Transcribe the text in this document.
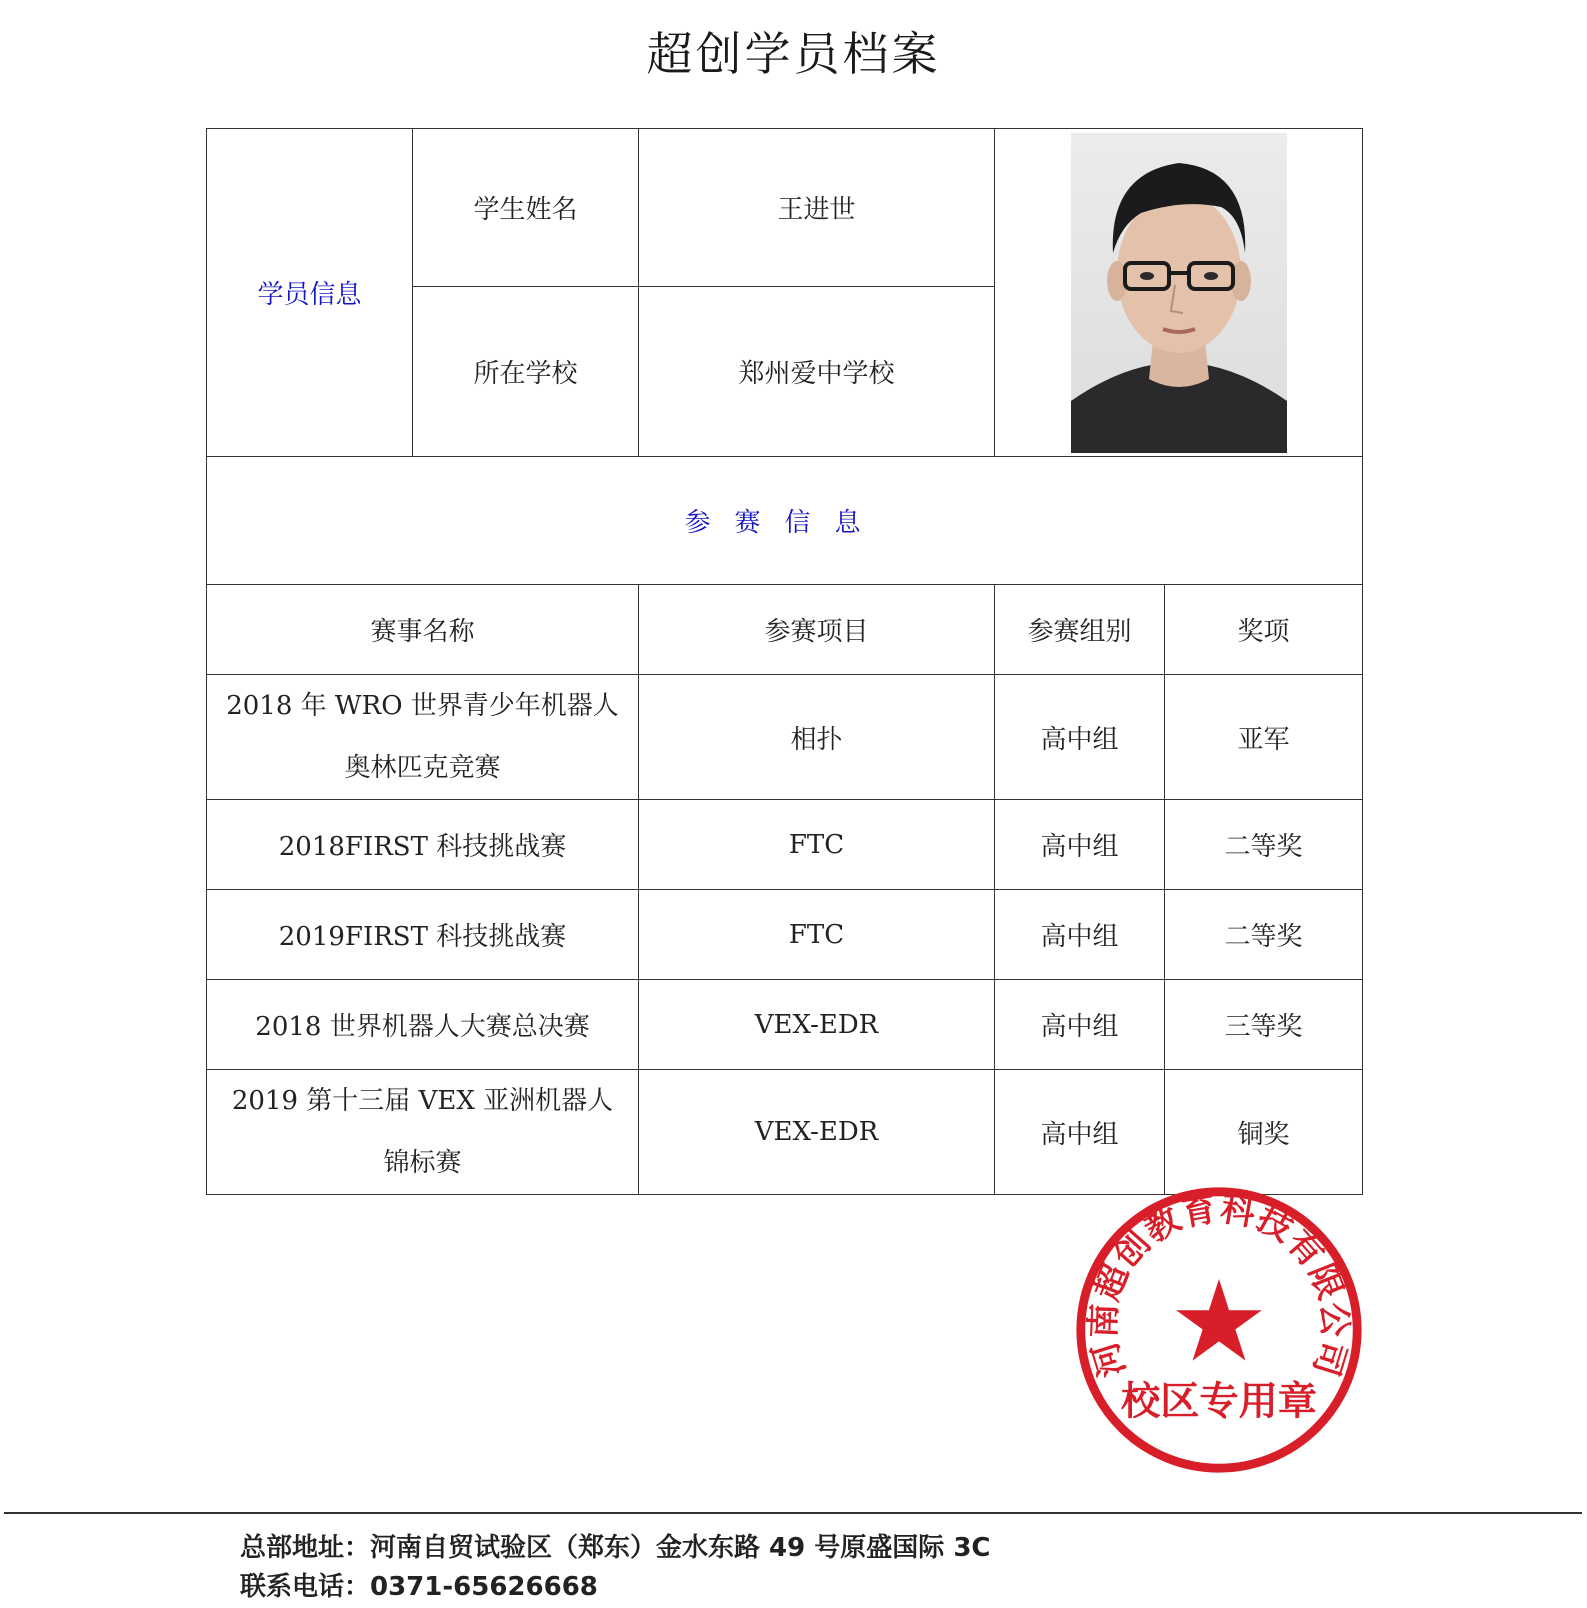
超创学员档案
学员信息	学生姓名	王进世	

	所在学校	郑州爱中学校		
参赛信息				
赛事名称		参赛项目	参赛组别	奖项

2018 年 WRO 世界青少年机器人
奥林匹克竞赛		相扑	高中组	亚军
2018FIRST 科技挑战赛		FTC	高中组	二等奖
2019FIRST 科技挑战赛		FTC	高中组	二等奖
2018 世界机器人大赛总决赛		VEX-EDR	高中组	三等奖

2019 第十三届 VEX 亚洲机器人
锦标赛		VEX-EDR	高中组	铜奖
河南超创教育科技有限公司
校区专用章
总部地址：河南自贸试验区（郑东）金水东路 49 号原盛国际 3C
联系电话：0371-65626668
